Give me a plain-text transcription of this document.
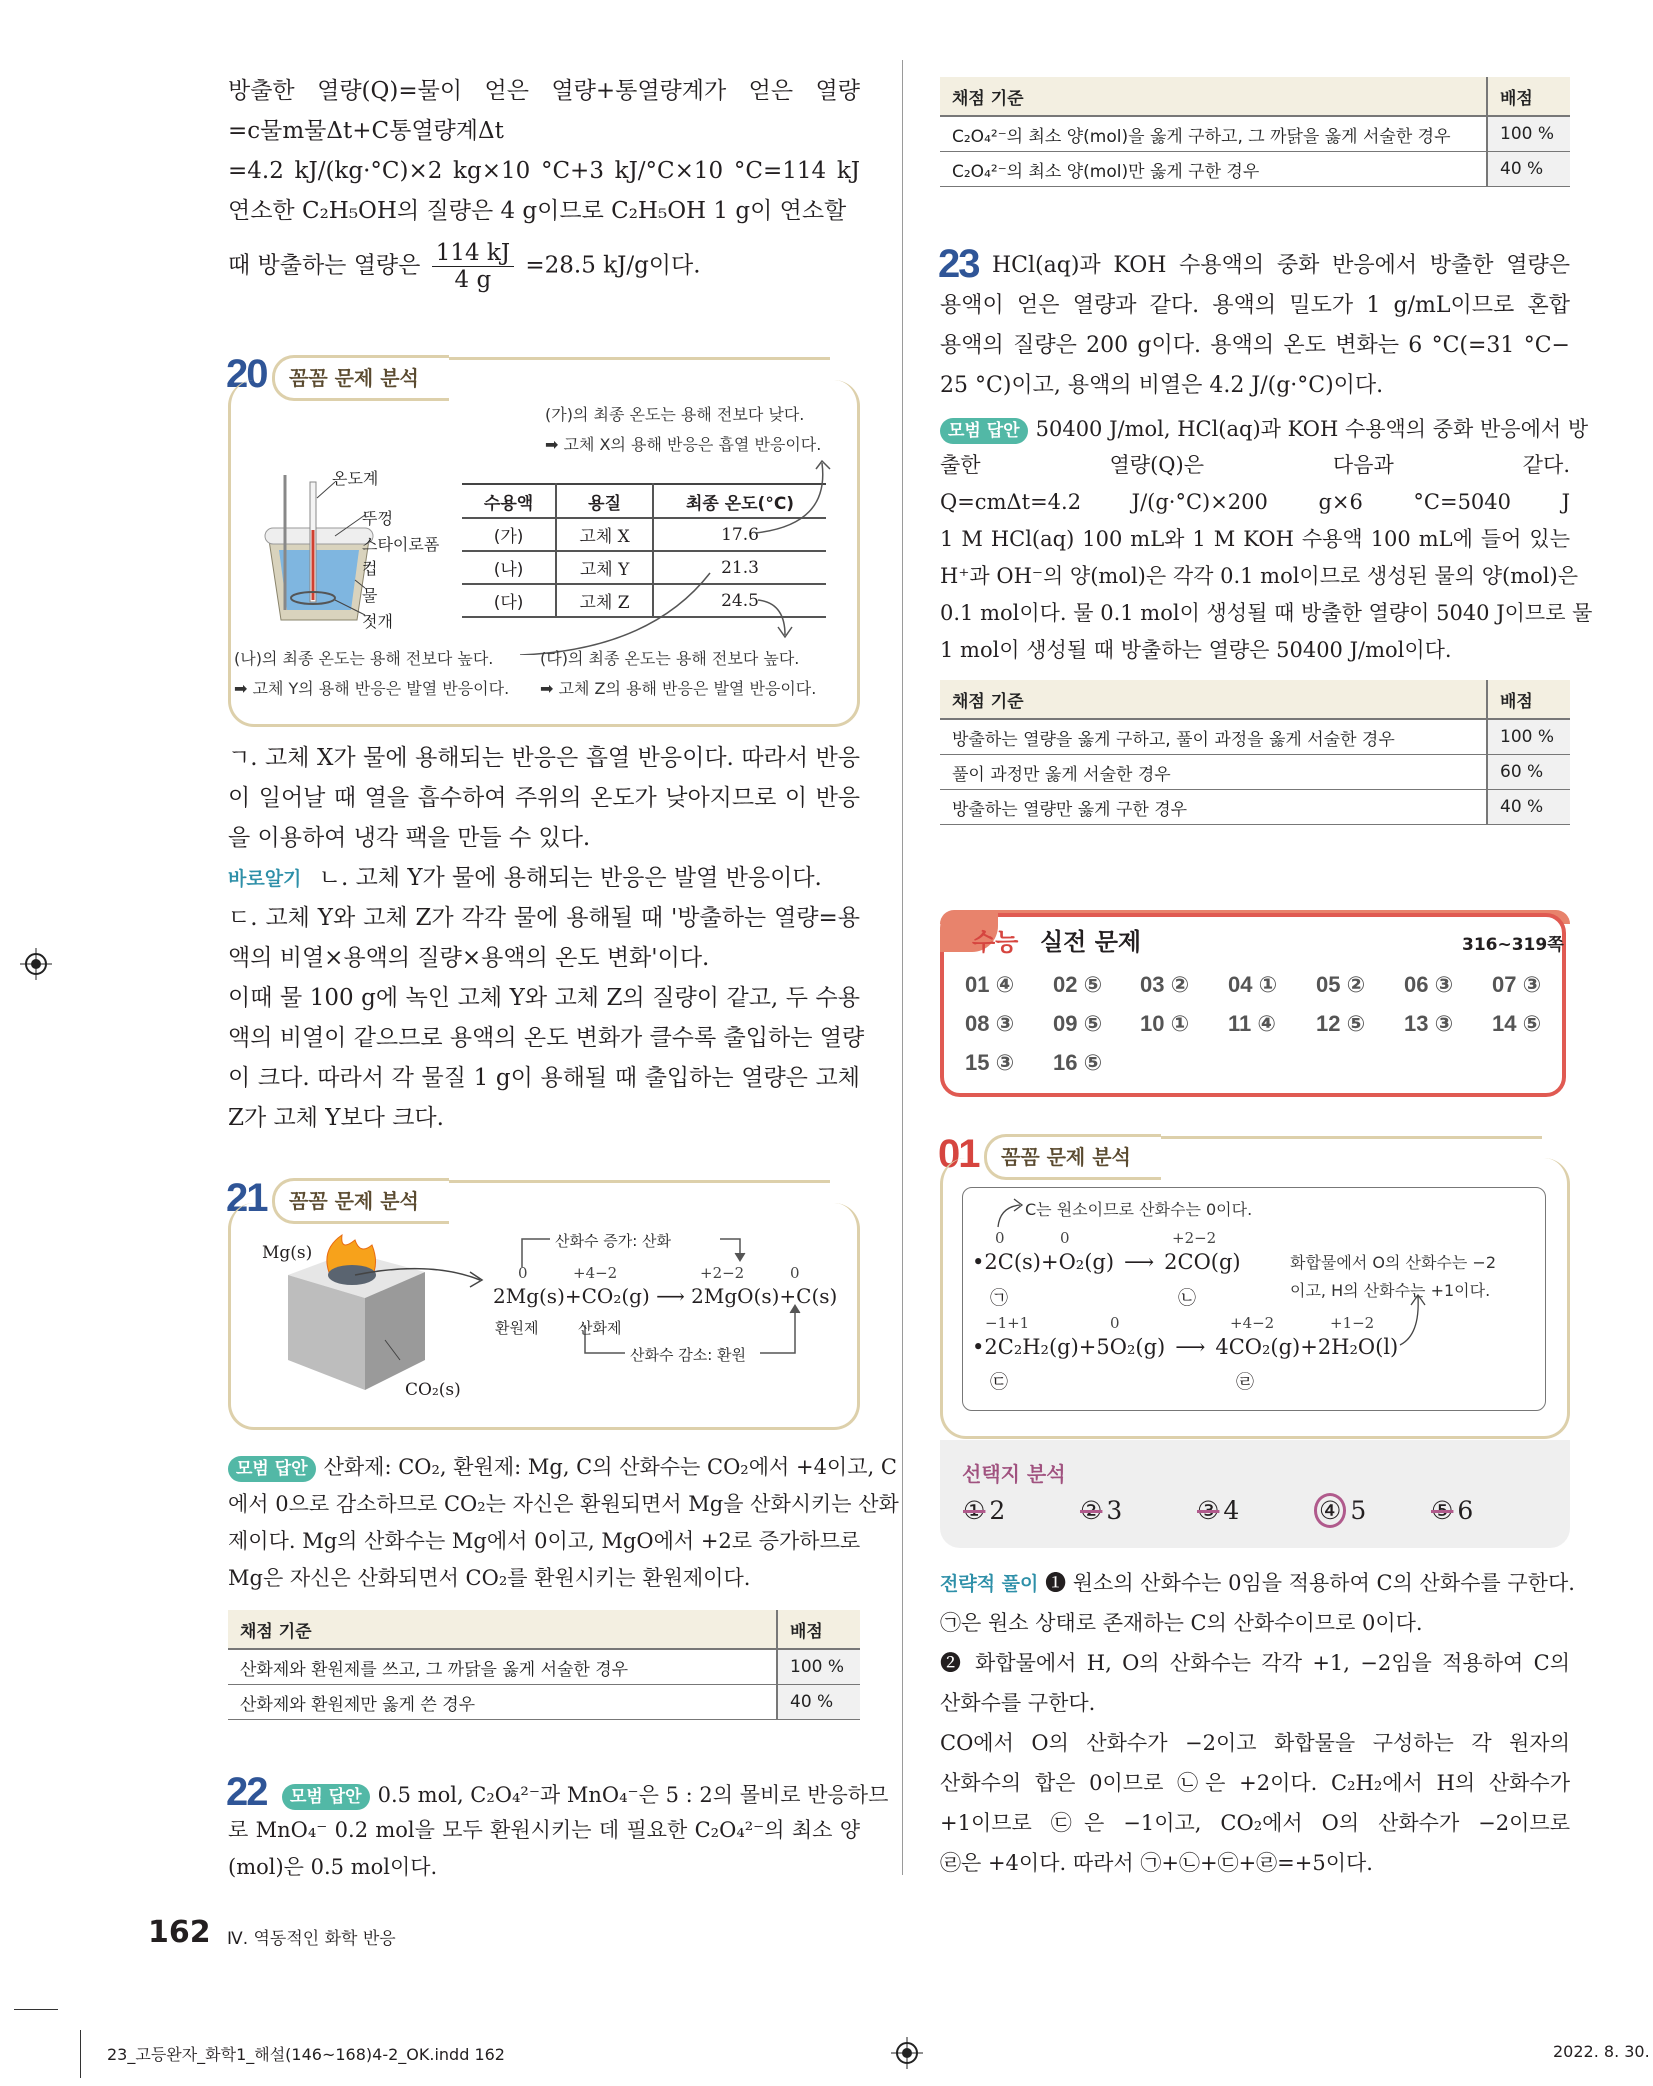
방출한 열량(Q)=물이 얻은 열량+통열량계가 얻은 열량
=c물m물Δt+C통열량계Δt
=4.2 kJ/(kg·°C)×2 kg×10 °C+3 kJ/°C×10 °C=114 kJ
연소한 C₂H₅OH의 질량은 4 g이므로 C₂H₅OH 1 g이 연소할
때 방출하는 열량은 $\frac{114 kJ}{4 g} =28.5$ kJ/g이다.
20	꼼꼼 문제 분석
(가)의 최종 온도는 용해 전보다 낮다.
➡ 고체 X의 용해 반응은 흡열 반응이다.
온도계
뚜껑
스타이로폼
컵
물
젓개
수용액	용질	최종 온도(°C)
(가)	고체 X	17.6
(나)	고체 Y	21.3
(다)	고체 Z	24.5
(나)의 최종 온도는 용해 전보다 높다.
➡ 고체 Y의 용해 반응은 발열 반응이다.
(다)의 최종 온도는 용해 전보다 높다.
➡ 고체 Z의 용해 반응은 발열 반응이다.
ㄱ. 고체 X가 물에 용해되는 반응은 흡열 반응이다. 따라서 반응
이 일어날 때 열을 흡수하여 주위의 온도가 낮아지므로 이 반응
을 이용하여 냉각 팩을 만들 수 있다.
바로알기 ㄴ. 고체 Y가 물에 용해되는 반응은 발열 반응이다.
ㄷ. 고체 Y와 고체 Z가 각각 물에 용해될 때 '방출하는 열량=용
액의 비열×용액의 질량×용액의 온도 변화'이다.
이때 물 100 g에 녹인 고체 Y와 고체 Z의 질량이 같고, 두 수용
액의 비열이 같으므로 용액의 온도 변화가 클수록 출입하는 열량
이 크다. 따라서 각 물질 1 g이 용해될 때 출입하는 열량은 고체
Z가 고체 Y보다 크다.
21	꼼꼼 문제 분석
Mg(s)
CO₂(s)
산화수 증가: 산화
산화수 감소: 환원
0	+4−2	+2−2	0
2Mg(s)+CO₂(g) ⟶ 2MgO(s)+C(s)
환원제	산화제
모범 답안 산화제: CO₂, 환원제: Mg, C의 산화수는 CO₂에서 +4이고, C
에서 0으로 감소하므로 CO₂는 자신은 환원되면서 Mg을 산화시키는 산화
제이다. Mg의 산화수는 Mg에서 0이고, MgO에서 +2로 증가하므로
Mg은 자신은 산화되면서 CO₂를 환원시키는 환원제이다.
채점 기준	배점
산화제와 환원제를 쓰고, 그 까닭을 옳게 서술한 경우	100 %
산화제와 환원제만 옳게 쓴 경우	40 %
22	모범 답안 0.5 mol, C₂O₄²⁻과 MnO₄⁻은 5 : 2의 몰비로 반응하므
로 MnO₄⁻ 0.2 mol을 모두 환원시키는 데 필요한 C₂O₄²⁻의 최소 양
(mol)은 0.5 mol이다.
채점 기준	배점
C₂O₄²⁻의 최소 양(mol)을 옳게 구하고, 그 까닭을 옳게 서술한 경우	100 %
C₂O₄²⁻의 최소 양(mol)만 옳게 구한 경우	40 %
23 HCl(aq)과 KOH 수용액의 중화 반응에서 방출한 열량은
용액이 얻은 열량과 같다. 용액의 밀도가 1 g/mL이므로 혼합
용액의 질량은 200 g이다. 용액의 온도 변화는 6 °C(=31 °C−
25 °C)이고, 용액의 비열은 4.2 J/(g·°C)이다.
모범 답안 50400 J/mol, HCl(aq)과 KOH 수용액의 중화 반응에서 방
출한 열량(Q)은 다음과 같다.
Q=cmΔt=4.2 J/(g·°C)×200 g×6 °C=5040 J
1 M HCl(aq) 100 mL와 1 M KOH 수용액 100 mL에 들어 있는
H⁺과 OH⁻의 양(mol)은 각각 0.1 mol이므로 생성된 물의 양(mol)은
0.1 mol이다. 물 0.1 mol이 생성될 때 방출한 열량이 5040 J이므로 물
1 mol이 생성될 때 방출하는 열량은 50400 J/mol이다.
채점 기준	배점
방출하는 열량을 옳게 구하고, 풀이 과정을 옳게 서술한 경우	100 %
풀이 과정만 옳게 서술한 경우	60 %
방출하는 열량만 옳게 구한 경우	40 %
수능 실전 문제	316~319쪽
01 ④ 02 ⑤ 03 ② 04 ① 05 ② 06 ③ 07 ③
08 ③ 09 ⑤ 10 ① 11 ④ 12 ⑤ 13 ③ 14 ⑤
15 ③ 16 ⑤
01	꼼꼼 문제 분석
C는 원소이므로 산화수는 0이다.
0	0	+2−2
•2C(s)+O₂(g) ⟶ 2CO(g)	화합물에서 O의 산화수는 −2
이고, H의 산화수는 +1이다.
㉠	㉡
−1+1	0	+4−2	+1−2
•2C₂H₂(g)+5O₂(g) ⟶ 4CO₂(g)+2H₂O(l)
㉢	㉣
선택지 분석
① 2	② 3	③ 4	④ 5	⑤ 6
전략적 풀이 ❶ 원소의 산화수는 0임을 적용하여 C의 산화수를 구한다.
㉠은 원소 상태로 존재하는 C의 산화수이므로 0이다.
❷ 화합물에서 H, O의 산화수는 각각 +1, −2임을 적용하여 C의
산화수를 구한다.
CO에서 O의 산화수가 −2이고 화합물을 구성하는 각 원자의
산화수의 합은 0이므로 ㉡은 +2이다. C₂H₂에서 H의 산화수가
+1이므로 ㉢은 −1이고, CO₂에서 O의 산화수가 −2이므로
㉣은 +4이다. 따라서 ㉠+㉡+㉢+㉣=+5이다.
162 Ⅳ. 역동적인 화학 반응
23_고등완자_화학1_해설(146~168)4-2_OK.indd 162	2022. 8. 30.
